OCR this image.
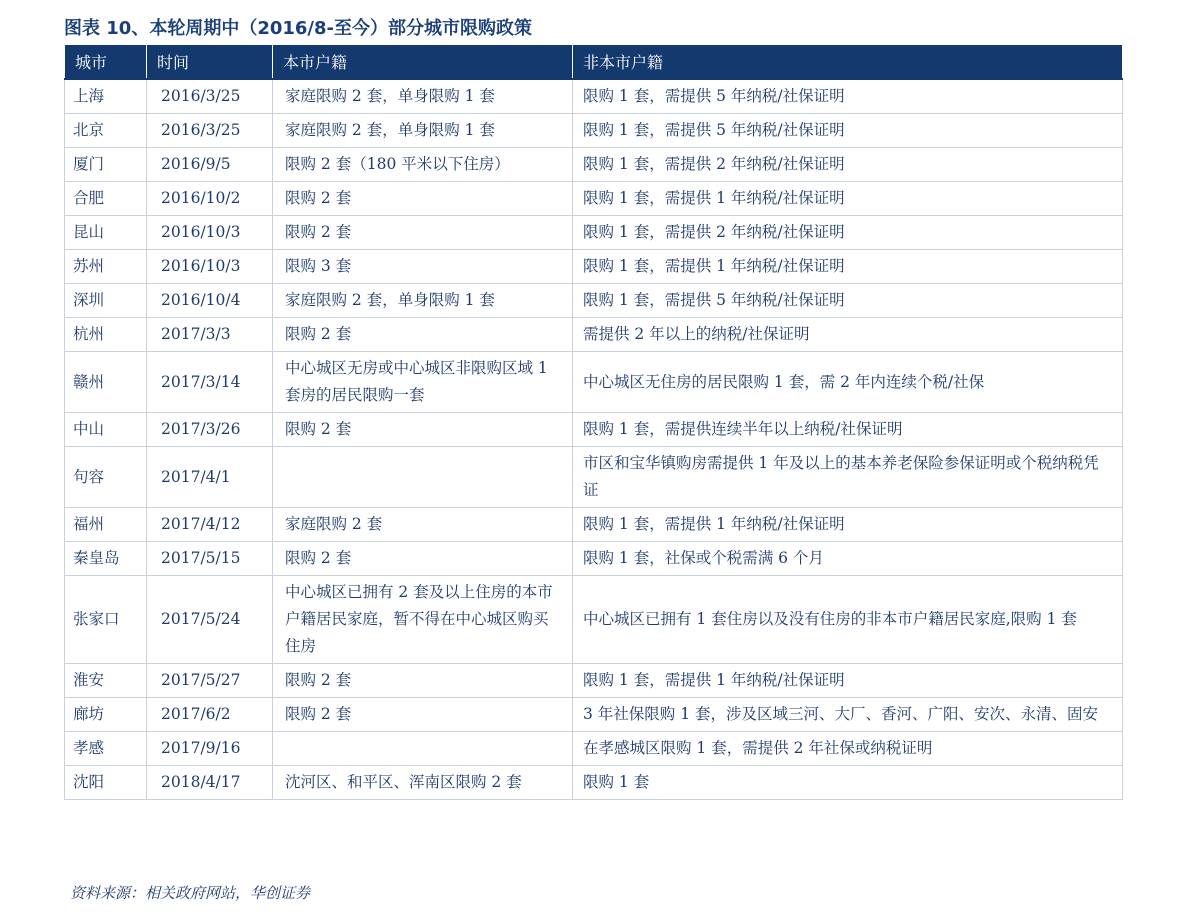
图表 10、本轮周期中（2016/8-至今）部分城市限购政策
城市	时间	本市户籍	非本市户籍
上海	2016/3/25	家庭限购 2 套，单身限购 1 套	限购 1 套，需提供 5 年纳税/社保证明
北京	2016/3/25	家庭限购 2 套，单身限购 1 套	限购 1 套，需提供 5 年纳税/社保证明
厦门	2016/9/5	限购 2 套（180 平米以下住房）	限购 1 套，需提供 2 年纳税/社保证明
合肥	2016/10/2	限购 2 套	限购 1 套，需提供 1 年纳税/社保证明
昆山	2016/10/3	限购 2 套	限购 1 套，需提供 2 年纳税/社保证明
苏州	2016/10/3	限购 3 套	限购 1 套，需提供 1 年纳税/社保证明
深圳	2016/10/4	家庭限购 2 套，单身限购 1 套	限购 1 套，需提供 5 年纳税/社保证明
杭州	2017/3/3	限购 2 套	需提供 2 年以上的纳税/社保证明
赣州	2017/3/14	中心城区无房或中心城区非限购区域 1 套房的居民限购一套	中心城区无住房的居民限购 1 套，需 2 年内连续个税/社保
中山	2017/3/26	限购 2 套	限购 1 套，需提供连续半年以上纳税/社保证明
句容	2017/4/1		市区和宝华镇购房需提供 1 年及以上的基本养老保险参保证明或个税纳税凭证
福州	2017/4/12	家庭限购 2 套	限购 1 套，需提供 1 年纳税/社保证明
秦皇岛	2017/5/15	限购 2 套	限购 1 套，社保或个税需满 6 个月
张家口	2017/5/24	中心城区已拥有 2 套及以上住房的本市户籍居民家庭，暂不得在中心城区购买住房	中心城区已拥有 1 套住房以及没有住房的非本市户籍居民家庭,限购 1 套
淮安	2017/5/27	限购 2 套	限购 1 套，需提供 1 年纳税/社保证明
廊坊	2017/6/2	限购 2 套	3 年社保限购 1 套，涉及区域三河、大厂、香河、广阳、安次、永清、固安
孝感	2017/9/16		在孝感城区限购 1 套，需提供 2 年社保或纳税证明
沈阳	2018/4/17	沈河区、和平区、浑南区限购 2 套	限购 1 套
资料来源：相关政府网站，华创证券
